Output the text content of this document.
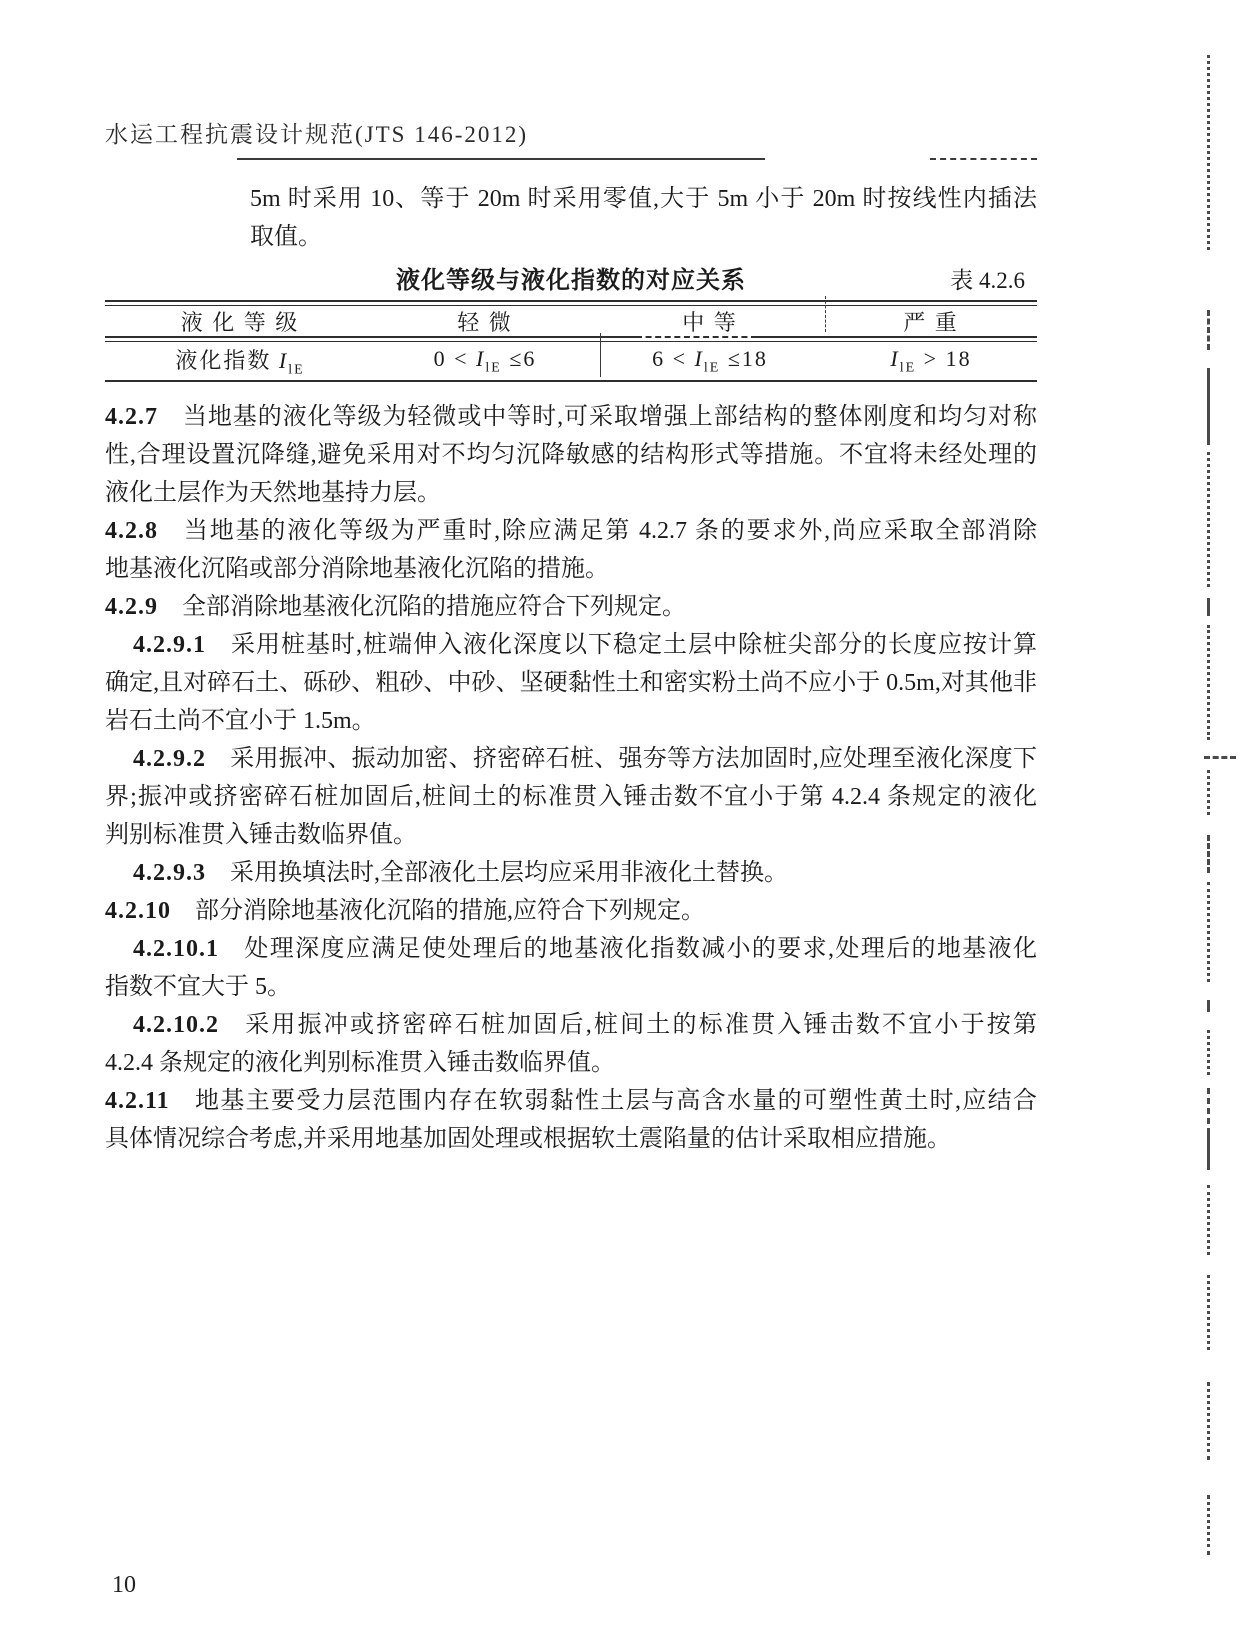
水运工程抗震设计规范(JTS 146-2012)
5m 时采用 10、等于 20m 时采用零值,大于 5m 小于 20m 时按线性内插法
取值。
液化等级与液化指数的对应关系	表 4.2.6
液 化 等 级	轻 微	中 等	严 重
液化指数 $I_{lE}$	$0 < I_{lE} \le 6$	$6 < I_{lE} \le 18$	$I_{lE} > 18$
4.2.7 当地基的液化等级为轻微或中等时,可采取增强上部结构的整体刚度和均匀对称
性,合理设置沉降缝,避免采用对不均匀沉降敏感的结构形式等措施。不宜将未经处理的
液化土层作为天然地基持力层。
4.2.8 当地基的液化等级为严重时,除应满足第 4.2.7 条的要求外,尚应采取全部消除
地基液化沉陷或部分消除地基液化沉陷的措施。
4.2.9 全部消除地基液化沉陷的措施应符合下列规定。
4.2.9.1 采用桩基时,桩端伸入液化深度以下稳定土层中除桩尖部分的长度应按计算
确定,且对碎石土、砾砂、粗砂、中砂、坚硬黏性土和密实粉土尚不应小于 0.5m,对其他非
岩石土尚不宜小于 1.5m。
4.2.9.2 采用振冲、振动加密、挤密碎石桩、强夯等方法加固时,应处理至液化深度下
界;振冲或挤密碎石桩加固后,桩间土的标准贯入锤击数不宜小于第 4.2.4 条规定的液化
判别标准贯入锤击数临界值。
4.2.9.3 采用换填法时,全部液化土层均应采用非液化土替换。
4.2.10 部分消除地基液化沉陷的措施,应符合下列规定。
4.2.10.1 处理深度应满足使处理后的地基液化指数减小的要求,处理后的地基液化
指数不宜大于 5。
4.2.10.2 采用振冲或挤密碎石桩加固后,桩间土的标准贯入锤击数不宜小于按第
4.2.4 条规定的液化判别标准贯入锤击数临界值。
4.2.11 地基主要受力层范围内存在软弱黏性土层与高含水量的可塑性黄土时,应结合
具体情况综合考虑,并采用地基加固处理或根据软土震陷量的估计采取相应措施。
10
